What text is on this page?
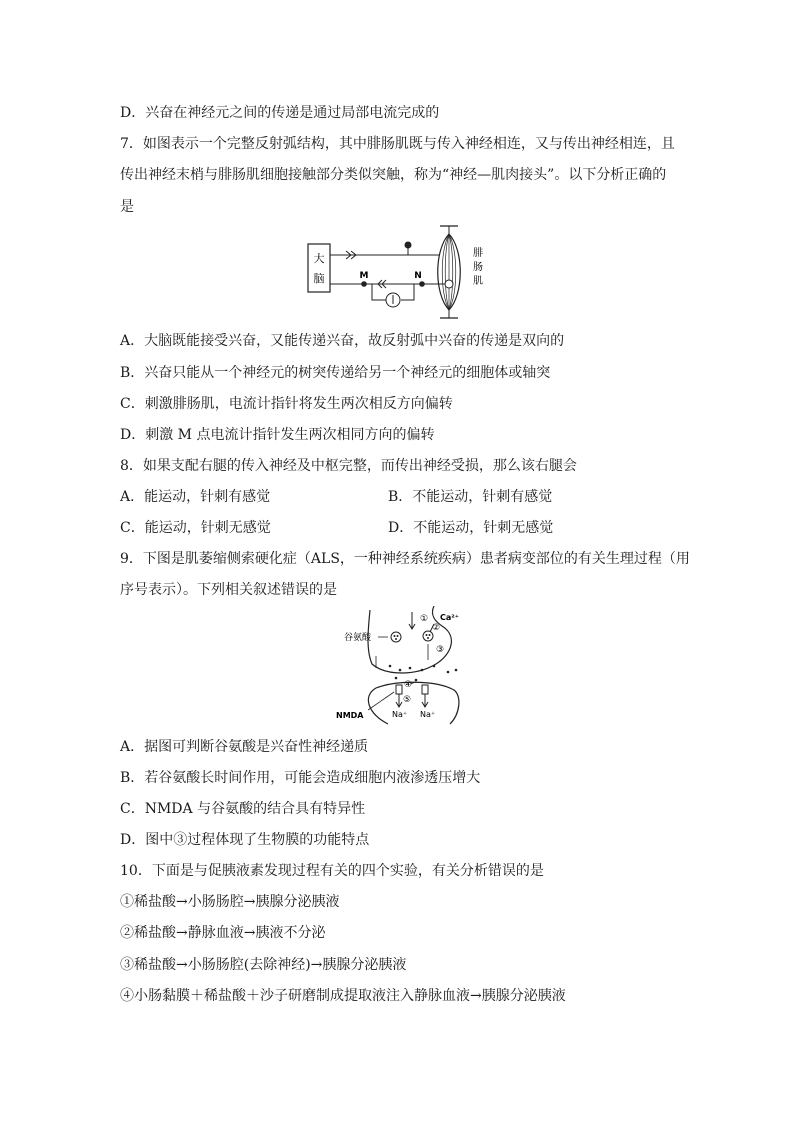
D．兴奋在神经元之间的传递是通过局部电流完成的
7．如图表示一个完整反射弧结构，其中腓肠肌既与传入神经相连，又与传出神经相连，且
传出神经末梢与腓肠肌细胞接触部分类似突触，称为“神经—肌肉接头”。以下分析正确的
是
大
脑	M	N
腓
肠
肌
A．大脑既能接受兴奋，又能传递兴奋，故反射弧中兴奋的传递是双向的
B．兴奋只能从一个神经元的树突传递给另一个神经元的细胞体或轴突
C．刺激腓肠肌，电流计指针将发生两次相反方向偏转
D．刺激 M 点电流计指针发生两次相同方向的偏转
8．如果支配右腿的传入神经及中枢完整，而传出神经受损，那么该右腿会
A．能运动，针刺有感觉	B．不能运动，针刺有感觉
C．能运动，针刺无感觉	D．不能运动，针刺无感觉
9．下图是肌萎缩侧索硬化症（ALS，一种神经系统疾病）患者病变部位的有关生理过程（用
序号表示）。下列相关叙述错误的是
① Ca²⁺
②
谷氨酸
③
④
⑤
Na⁺ Na⁺
NMDA
A．据图可判断谷氨酸是兴奋性神经递质
B．若谷氨酸长时间作用，可能会造成细胞内液渗透压增大
C．NMDA 与谷氨酸的结合具有特异性
D．图中③过程体现了生物膜的功能特点
10．下面是与促胰液素发现过程有关的四个实验，有关分析错误的是
①稀盐酸→小肠肠腔→胰腺分泌胰液
②稀盐酸→静脉血液→胰液不分泌
③稀盐酸→小肠肠腔(去除神经)→胰腺分泌胰液
④小肠黏膜＋稀盐酸＋沙子研磨制成提取液注入静脉血液→胰腺分泌胰液
